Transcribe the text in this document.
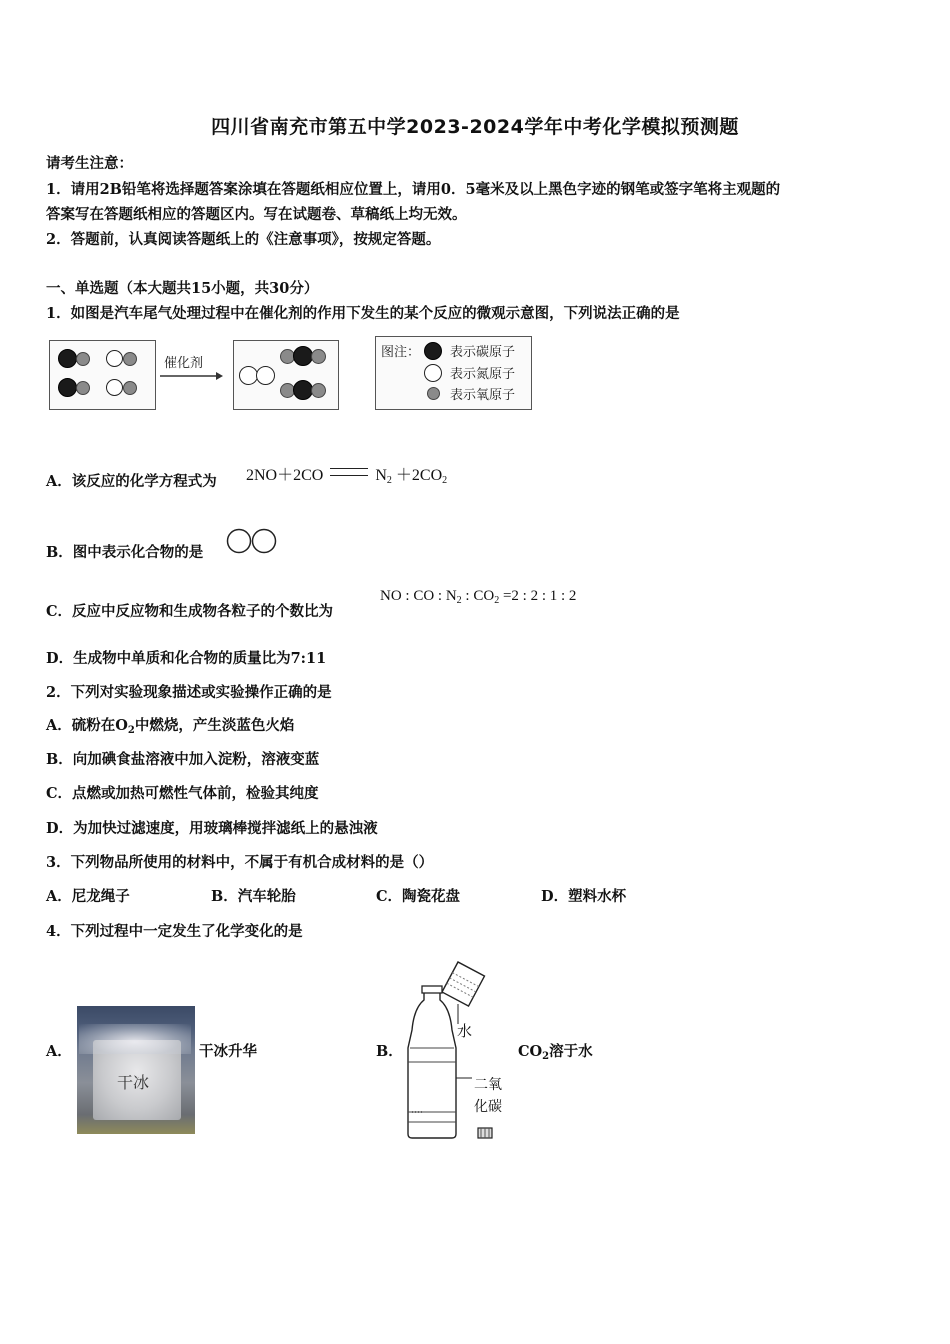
四川省南充市第五中学2023-2024学年中考化学模拟预测题
请考生注意：
1．请用2B铅笔将选择题答案涂填在答题纸相应位置上，请用0．5毫米及以上黑色字迹的钢笔或签字笔将主观题的
答案写在答题纸相应的答题区内。写在试题卷、草稿纸上均无效。
2．答题前，认真阅读答题纸上的《注意事项》，按规定答题。
一、单选题（本大题共15小题，共30分）
1．如图是汽车尾气处理过程中在催化剂的作用下发生的某个反应的微观示意图，下列说法正确的是
催化剂
图注： 表示碳原子
表示氮原子
表示氧原子
A．该反应的化学方程式为 2NO＋2CO	$N_2 +2CO_2$
B．图中表示化合物的是
C．反应中反应物和生成物各粒子的个数比为
NO : CO : $N_2$ : $CO_2 =2$ : 2 : 1 : 2
D．生成物中单质和化合物的质量比为7:11
2．下列对实验现象描述或实验操作正确的是
A．硫粉在$O_2$中燃烧，产生淡蓝色火焰
B．向加碘食盐溶液中加入淀粉，溶液变蓝
C．点燃或加热可燃性气体前，检验其纯度
D．为加快过滤速度，用玻璃棒搅拌滤纸上的悬浊液
3．下列物品所使用的材料中，不属于有机合成材料的是（）
A．尼龙绳子	B．汽车轮胎	C．陶瓷花盘	D．塑料水杯
4．下列过程中一定发生了化学变化的是
A．
干冰
干冰升华	B．
水
二氧
化碳
$CO_2$溶于水
